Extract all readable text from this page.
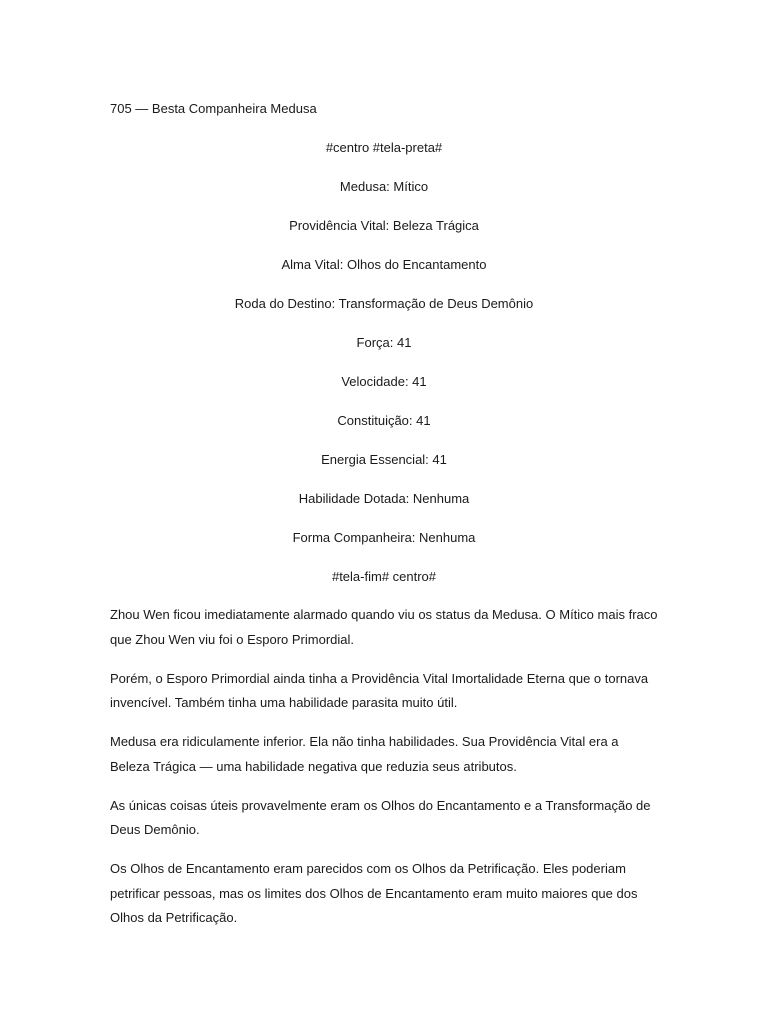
705 — Besta Companheira Medusa

#centro #tela-preta#

Medusa: Mítico

Providência Vital: Beleza Trágica

Alma Vital: Olhos do Encantamento

Roda do Destino: Transformação de Deus Demônio

Força: 41

Velocidade: 41

Constituição: 41

Energia Essencial: 41

Habilidade Dotada: Nenhuma

Forma Companheira: Nenhuma

#tela-fim# centro#

Zhou Wen ficou imediatamente alarmado quando viu os status da Medusa. O Mítico mais fraco que Zhou Wen viu foi o Esporo Primordial.

Porém, o Esporo Primordial ainda tinha a Providência Vital Imortalidade Eterna que o tornava invencível. Também tinha uma habilidade parasita muito útil.

Medusa era ridiculamente inferior. Ela não tinha habilidades. Sua Providência Vital era a Beleza Trágica — uma habilidade negativa que reduzia seus atributos.

As únicas coisas úteis provavelmente eram os Olhos do Encantamento e a Transformação de Deus Demônio.

Os Olhos de Encantamento eram parecidos com os Olhos da Petrificação. Eles poderiam petrificar pessoas, mas os limites dos Olhos de Encantamento eram muito maiores que dos Olhos da Petrificação.
